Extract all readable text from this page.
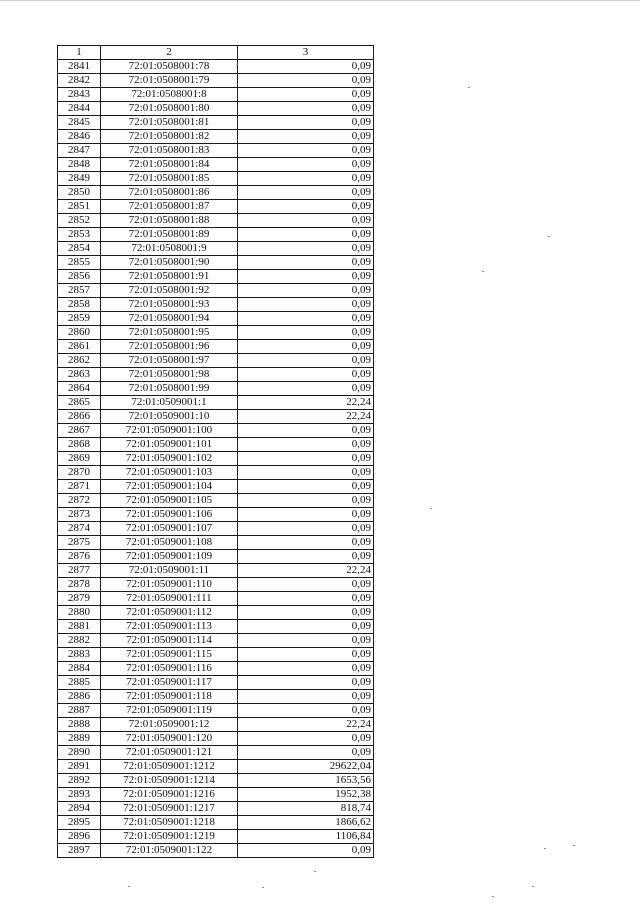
1	2	3
2841	72:01:0508001:78	0,09
2842	72:01:0508001:79	0,09
2843	72:01:0508001:8	0,09
2844	72:01:0508001:80	0,09
2845	72:01:0508001:81	0,09
2846	72:01:0508001:82	0,09
2847	72:01:0508001:83	0,09
2848	72:01:0508001:84	0,09
2849	72:01:0508001:85	0,09
2850	72:01:0508001:86	0,09
2851	72:01:0508001:87	0,09
2852	72:01:0508001:88	0,09
2853	72:01:0508001:89	0,09
2854	72:01:0508001:9	0,09
2855	72:01:0508001:90	0,09
2856	72:01:0508001:91	0,09
2857	72:01:0508001:92	0,09
2858	72:01:0508001:93	0,09
2859	72:01:0508001:94	0,09
2860	72:01:0508001:95	0,09
2861	72:01:0508001:96	0,09
2862	72:01:0508001:97	0,09
2863	72:01:0508001:98	0,09
2864	72:01:0508001:99	0,09
2865	72:01:0509001:1	22,24
2866	72:01:0509001:10	22,24
2867	72:01:0509001:100	0,09
2868	72:01:0509001:101	0,09
2869	72:01:0509001:102	0,09
2870	72:01:0509001:103	0,09
2871	72:01:0509001:104	0,09
2872	72:01:0509001:105	0,09
2873	72:01:0509001:106	0,09
2874	72:01:0509001:107	0,09
2875	72:01:0509001:108	0,09
2876	72:01:0509001:109	0,09
2877	72:01:0509001:11	22,24
2878	72:01:0509001:110	0,09
2879	72:01:0509001:111	0,09
2880	72:01:0509001:112	0,09
2881	72:01:0509001:113	0,09
2882	72:01:0509001:114	0,09
2883	72:01:0509001:115	0,09
2884	72:01:0509001:116	0,09
2885	72:01:0509001:117	0,09
2886	72:01:0509001:118	0,09
2887	72:01:0509001:119	0,09
2888	72:01:0509001:12	22,24
2889	72:01:0509001:120	0,09
2890	72:01:0509001:121	0,09
2891	72:01:0509001:1212	29622,04
2892	72:01:0509001:1214	1653,56
2893	72:01:0509001:1216	1952,38
2894	72:01:0509001:1217	818,74
2895	72:01:0509001:1218	1866,62
2896	72:01:0509001:1219	1106,84
2897	72:01:0509001:122	0,09
